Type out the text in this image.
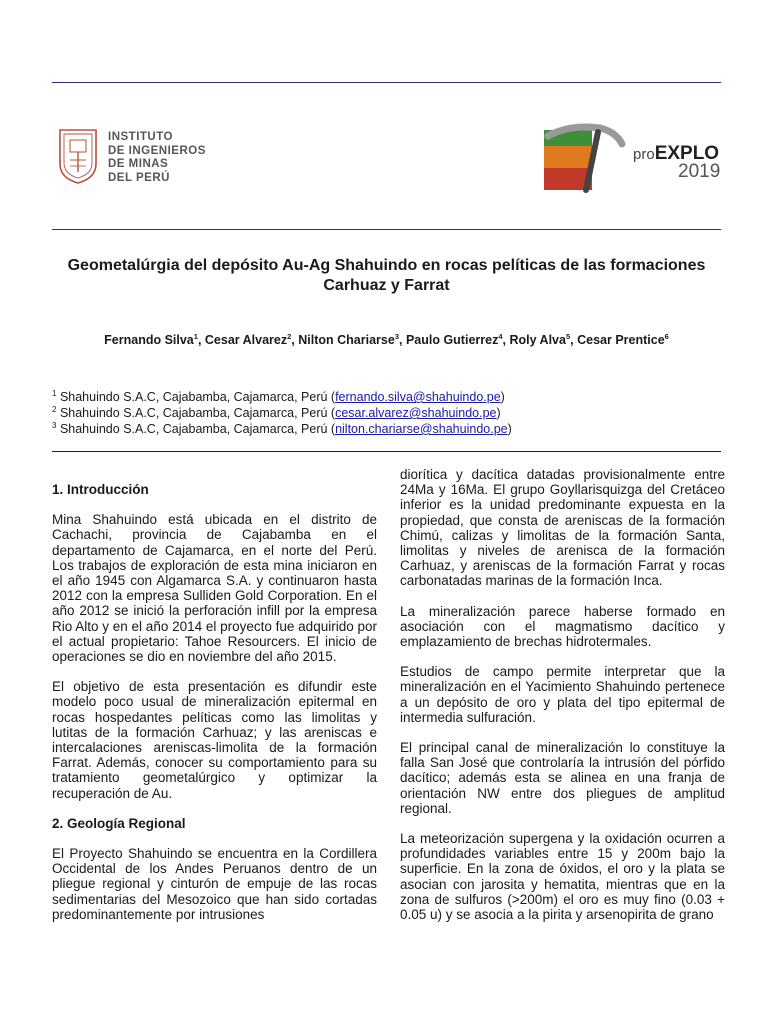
INSTITUTO
DE INGENIEROS
DE MINAS
DEL PERÚ
proEXPLO
2019
Geometalúrgia del depósito Au-Ag Shahuindo en rocas pelíticas de las formaciones Carhuaz y Farrat

Fernando Silva$^1$, Cesar Alvarez$^2$, Nilton Chariarse$^3$, Paulo Gutierrez$^4$, Roly Alva$^5$, Cesar Prentice$^6$

$^1$ Shahuindo S.A.C, Cajabamba, Cajamarca, Perú (fernando.silva@shahuindo.pe)

$^2$ Shahuindo S.A.C, Cajabamba, Cajamarca, Perú (cesar.alvarez@shahuindo.pe)

$^3$ Shahuindo S.A.C, Cajabamba, Cajamarca, Perú (nilton.chariarse@shahuindo.pe)

1. Introducción

Mina Shahuindo está ubicada en el distrito de Cachachi, provincia de Cajabamba en el departamento de Cajamarca, en el norte del Perú. Los trabajos de exploración de esta mina iniciaron en el año 1945 con Algamarca S.A. y continuaron hasta 2012 con la empresa Sulliden Gold Corporation. En el año 2012 se inició la perforación infill por la empresa Rio Alto y en el año 2014 el proyecto fue adquirido por el actual propietario: Tahoe Resourcers. El inicio de operaciones se dio en noviembre del año 2015.

El objetivo de esta presentación es difundir este modelo poco usual de mineralización epitermal en rocas hospedantes pelíticas como las limolitas y lutitas de la formación Carhuaz; y las areniscas e intercalaciones areniscas-limolita de la formación Farrat. Además, conocer su comportamiento para su tratamiento geometalúrgico y optimizar la recuperación de Au.

2. Geología Regional

El Proyecto Shahuindo se encuentra en la Cordillera Occidental de los Andes Peruanos dentro de un pliegue regional y cinturón de empuje de las rocas sedimentarias del Mesozoico que han sido cortadas predominantemente por intrusiones

diorítica y dacítica datadas provisionalmente entre 24Ma y 16Ma. El grupo Goyllarisquizga del Cretáceo inferior es la unidad predominante expuesta en la propiedad, que consta de areniscas de la formación Chimú, calizas y limolitas de la formación Santa, limolitas y niveles de arenisca de la formación Carhuaz, y areniscas de la formación Farrat y rocas carbonatadas marinas de la formación Inca.

La mineralización parece haberse formado en asociación con el magmatismo dacítico y emplazamiento de brechas hidrotermales.

Estudios de campo permite interpretar que la mineralización en el Yacimiento Shahuindo pertenece a un depósito de oro y plata del tipo epitermal de intermedia sulfuración.

El principal canal de mineralización lo constituye la falla San José que controlaría la intrusión del pórfido dacítico; además esta se alinea en una franja de orientación NW entre dos pliegues de amplitud regional.

La meteorización supergena y la oxidación ocurren a profundidades variables entre 15 y 200m bajo la superficie. En la zona de óxidos, el oro y la plata se asocian con jarosita y hematita, mientras que en la zona de sulfuros (>200m) el oro es muy fino (0.03 + 0.05 u) y se asocia a la pirita y arsenopirita de grano
